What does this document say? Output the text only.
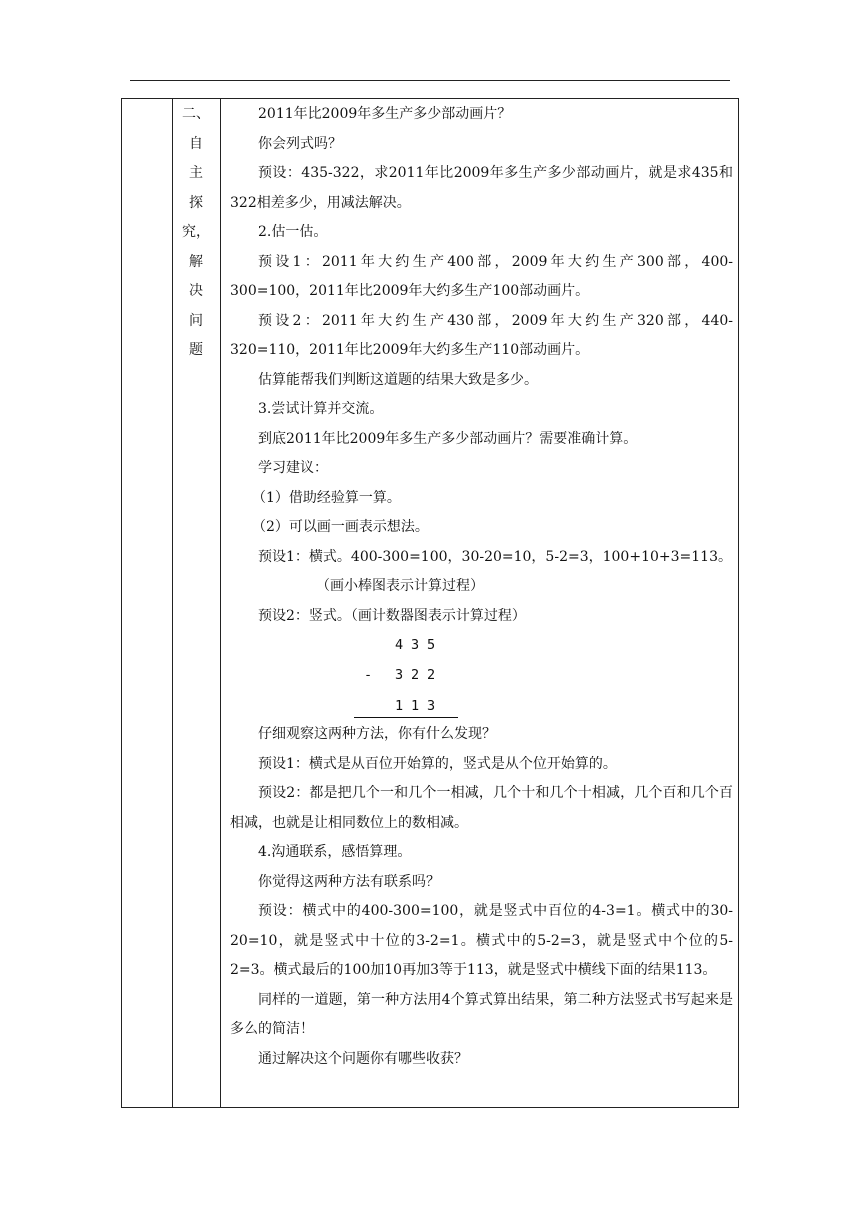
二、
自
主
探
究，
解
决
问
题

2011年比2009年多生产多少部动画片？

你会列式吗？

预设：435-322，求2011年比2009年多生产多少部动画片，就是求435和322相差多少，用减法解决。

2.估一估。

预设1：2011年大约生产400部，2009年大约生产300部，400-300=100，2011年比2009年大约多生产100部动画片。

预设2：2011年大约生产430部，2009年大约生产320部，440-320=110，2011年比2009年大约多生产110部动画片。

估算能帮我们判断这道题的结果大致是多少。

3.尝试计算并交流。

到底2011年比2009年多生产多少部动画片？需要准确计算。

学习建议：

（1）借助经验算一算。

（2）可以画一画表示想法。

预设1：横式。400-300=100，30-20=10，5-2=3，100+10+3=113。

（画小棒图表示计算过程）

预设2：竖式。（画计数器图表示计算过程）

4 3 5
- 3 2 2
1 1 3

仔细观察这两种方法，你有什么发现？

预设1：横式是从百位开始算的，竖式是从个位开始算的。

预设2：都是把几个一和几个一相减，几个十和几个十相减，几个百和几个百相减，也就是让相同数位上的数相减。

4.沟通联系，感悟算理。

你觉得这两种方法有联系吗？

预设：横式中的400-300=100，就是竖式中百位的4-3=1。横式中的30-20=10，就是竖式中十位的3-2=1。横式中的5-2=3，就是竖式中个位的5-2=3。横式最后的100加10再加3等于113，就是竖式中横线下面的结果113。

同样的一道题，第一种方法用4个算式算出结果，第二种方法竖式书写起来是多么的简洁！

通过解决这个问题你有哪些收获？
